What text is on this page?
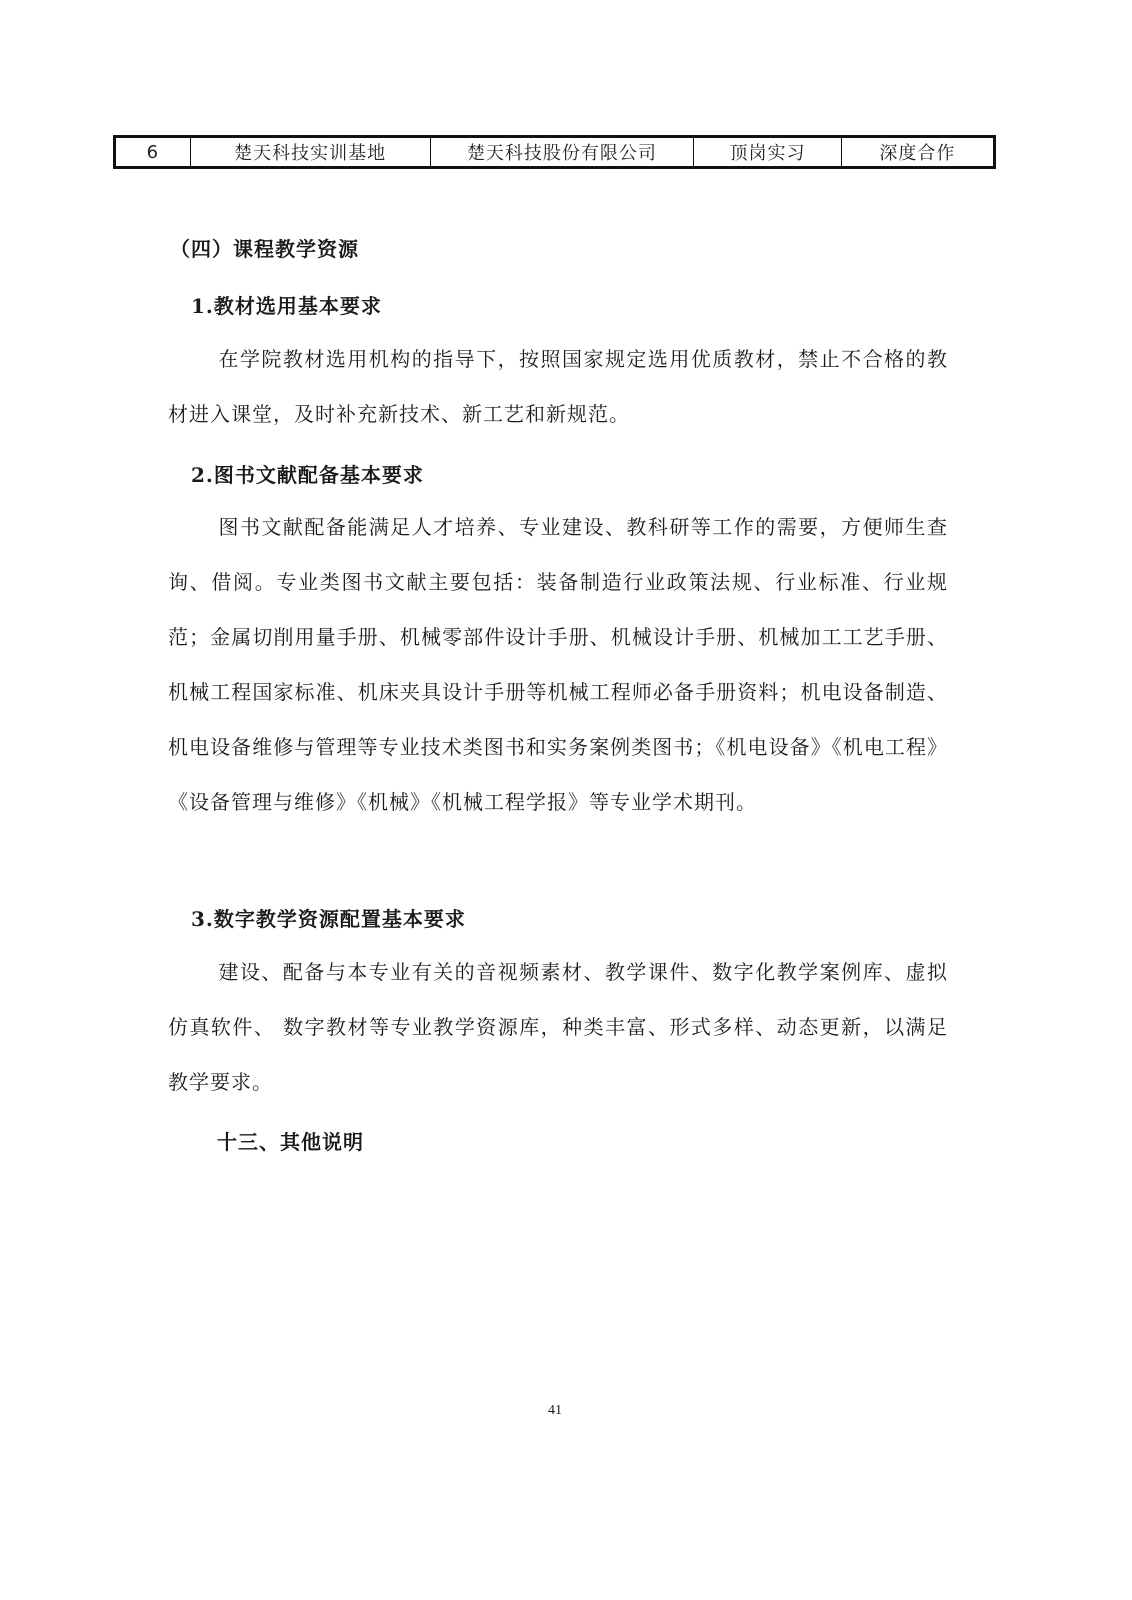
6	楚天科技实训基地	楚天科技股份有限公司	顶岗实习	深度合作
（四）课程教学资源
1.教材选用基本要求
在学院教材选用机构的指导下，按照国家规定选用优质教材，禁止不合格的教材进入课堂，及时补充新技术、新工艺和新规范。
2.图书文献配备基本要求
图书文献配备能满足人才培养、专业建设、教科研等工作的需要，方便师生查询、借阅。专业类图书文献主要包括：装备制造行业政策法规、行业标准、行业规范；金属切削用量手册、机械零部件设计手册、机械设计手册、机械加工工艺手册、机械工程国家标准、机床夹具设计手册等机械工程师必备手册资料；机电设备制造、机电设备维修与管理等专业技术类图书和实务案例类图书；《机电设备》《机电工程》《设备管理与维修》《机械》《机械工程学报》等专业学术期刊。
3.数字教学资源配置基本要求
建设、配备与本专业有关的音视频素材、教学课件、数字化教学案例库、虚拟仿真软件、 数字教材等专业教学资源库，种类丰富、形式多样、动态更新，以满足教学要求。
十三、其他说明
41
